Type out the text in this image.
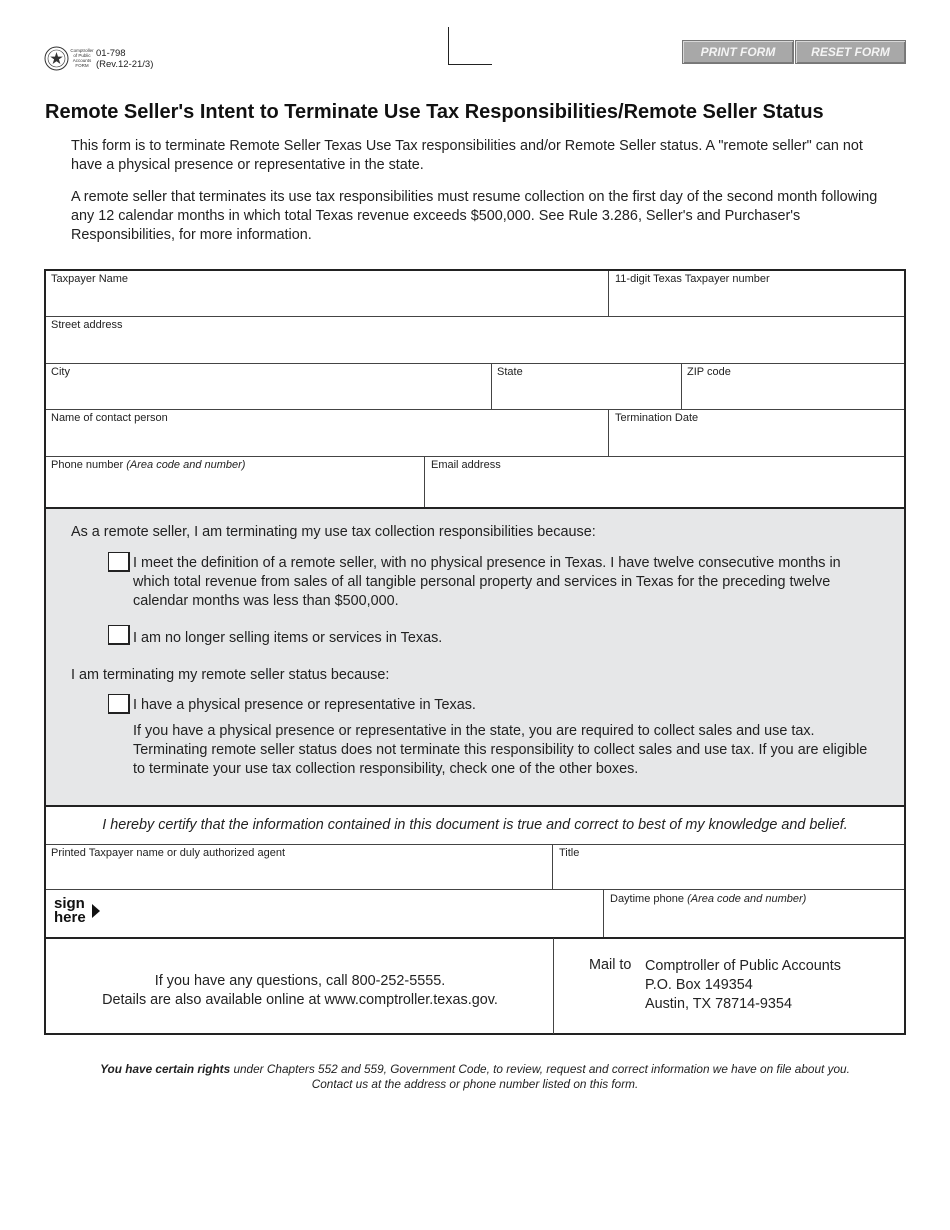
Comptroller of Public Accounts FORM
01-798
(Rev.12-21/3)
PRINT FORM	RESET FORM
Remote Seller's Intent to Terminate Use Tax Responsibilities/Remote Seller Status
This form is to terminate Remote Seller Texas Use Tax responsibilities and/or Remote Seller status. A "remote seller" can not have a physical presence or representative in the state.
A remote seller that terminates its use tax responsibilities must resume collection on the first day of the second month following any 12 calendar months in which total Texas revenue exceeds $500,000. See Rule 3.286, Seller's and Purchaser's Responsibilities, for more information.
Taxpayer Name	11-digit Texas Taxpayer number
Street address
City	State	ZIP code
Name of contact person	Termination Date
Phone number (Area code and number)	Email address
As a remote seller, I am terminating my use tax collection responsibilities because:
I meet the definition of a remote seller, with no physical presence in Texas. I have twelve consecutive months in which total revenue from sales of all tangible personal property and services in Texas for the preceding twelve calendar months was less than $500,000.
I am no longer selling items or services in Texas.
I am terminating my remote seller status because:
I have a physical presence or representative in Texas.
If you have a physical presence or representative in the state, you are required to collect sales and use tax. Terminating remote seller status does not terminate this responsibility to collect sales and use tax. If you are eligible to terminate your use tax collection responsibility, check one of the other boxes.
I hereby certify that the information contained in this document is true and correct to best of my knowledge and belief.
Printed Taxpayer name or duly authorized agent	Title
sign
here
Daytime phone (Area code and number)
If you have any questions, call 800-252-5555.
Details are also available online at www.comptroller.texas.gov.
Mail to Comptroller of Public Accounts
P.O. Box 149354
Austin, TX 78714-9354
You have certain rights under Chapters 552 and 559, Government Code, to review, request and correct information we have on file about you.
Contact us at the address or phone number listed on this form.
